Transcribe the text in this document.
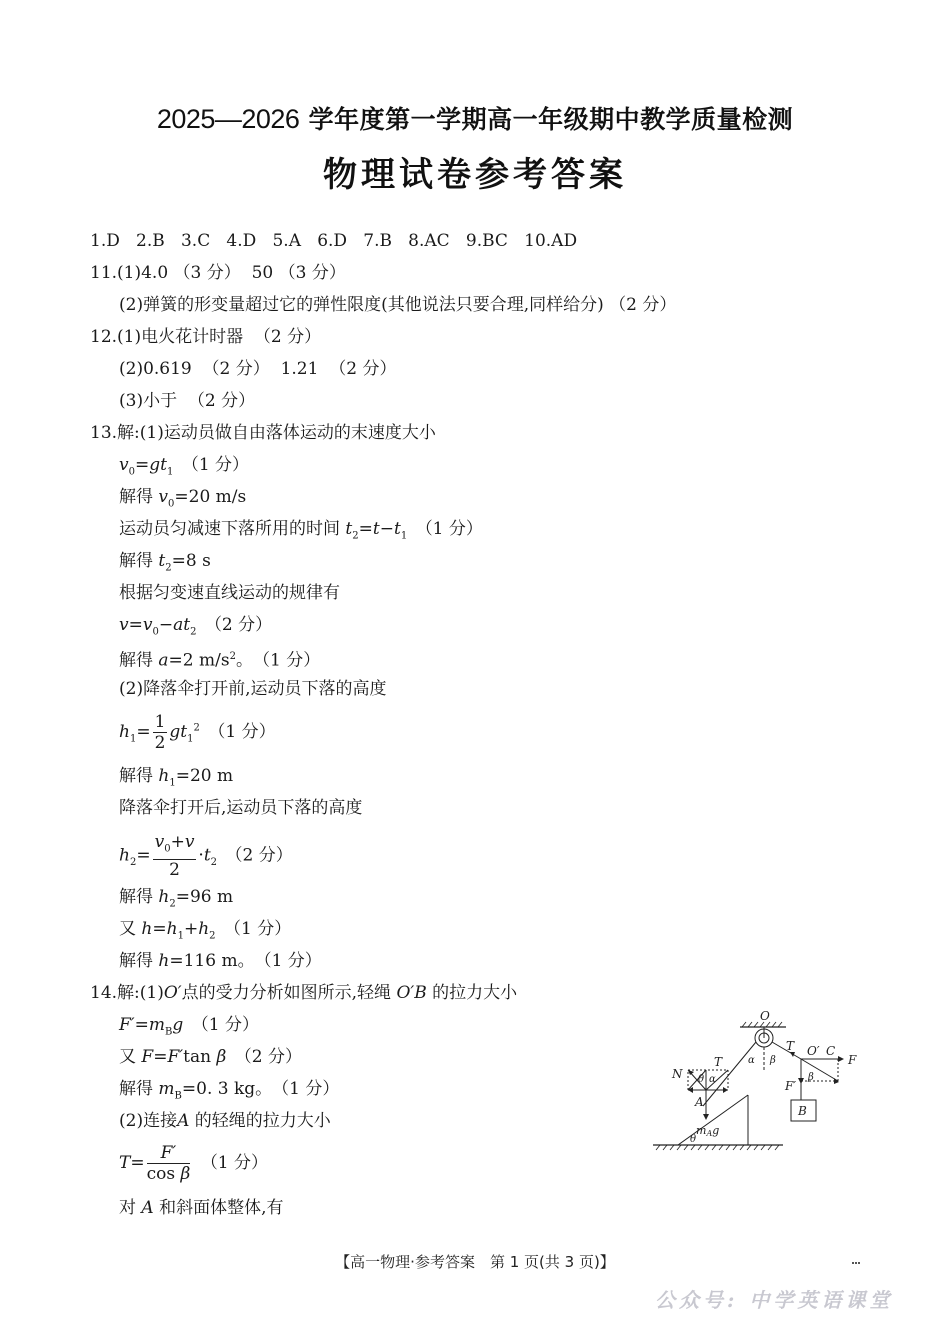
2025—2026 学年度第一学期高一年级期中教学质量检测
物理试卷参考答案
1.D   2.B   3.C   4.D   5.A   6.D   7.B   8.AC   9.BC   10.AD
11.(1)4.0 （3 分）  50 （3 分）
(2)弹簧的形变量超过它的弹性限度(其他说法只要合理,同样给分) （2 分）
12.(1)电火花计时器  （2 分）
(2)0.619  （2 分）  1.21  （2 分）
(3)小于  （2 分）
13.解:(1)运动员做自由落体运动的末速度大小
$v_0=gt_1$　 （1 分）
解得 $v_0=20$ m/s
运动员匀减速下落所用的时间 $t_2=t-t_1$　 （1 分）
解得 $t_2=8$ s
根据匀变速直线运动的规律有
$v=v_0-at_2$　 （2 分）
解得 a=2 $m/s^2$。　（1 分）
(2)降落伞打开前,运动员下落的高度
$h_1= \frac{1}{2} gt_1^2$　 （1 分）
解得 $h_1=20$ m
降落伞打开后,运动员下落的高度
$h_2= \frac{v_0+v}{2} \cdot t_2$　 （2 分）
解得 $h_2=96$ m
又 $h=h_1+h_2$　 （1 分）
解得 h=116 m。　 （1 分）
14.解:(1)O′点的受力分析如图所示,轻绳 O′B 的拉力大小
$F'=m_Bg$　 （1 分）
又 F=F′tan β　 （2 分）
解得 $m_B=0$. 3 kg。　 （1 分）
(2)连接A 的轻绳的拉力大小
$T= \frac{F'}{\text{cos β}}$
　 （1 分）
对 A 和斜面体整体,有
O
T
α β
O′ C
F
F′
β
B
θ
N
T
θ α
A
mAg
【高一物理·参考答案　第 1 页(共 3 页)】
公众号: 中学英语课堂
